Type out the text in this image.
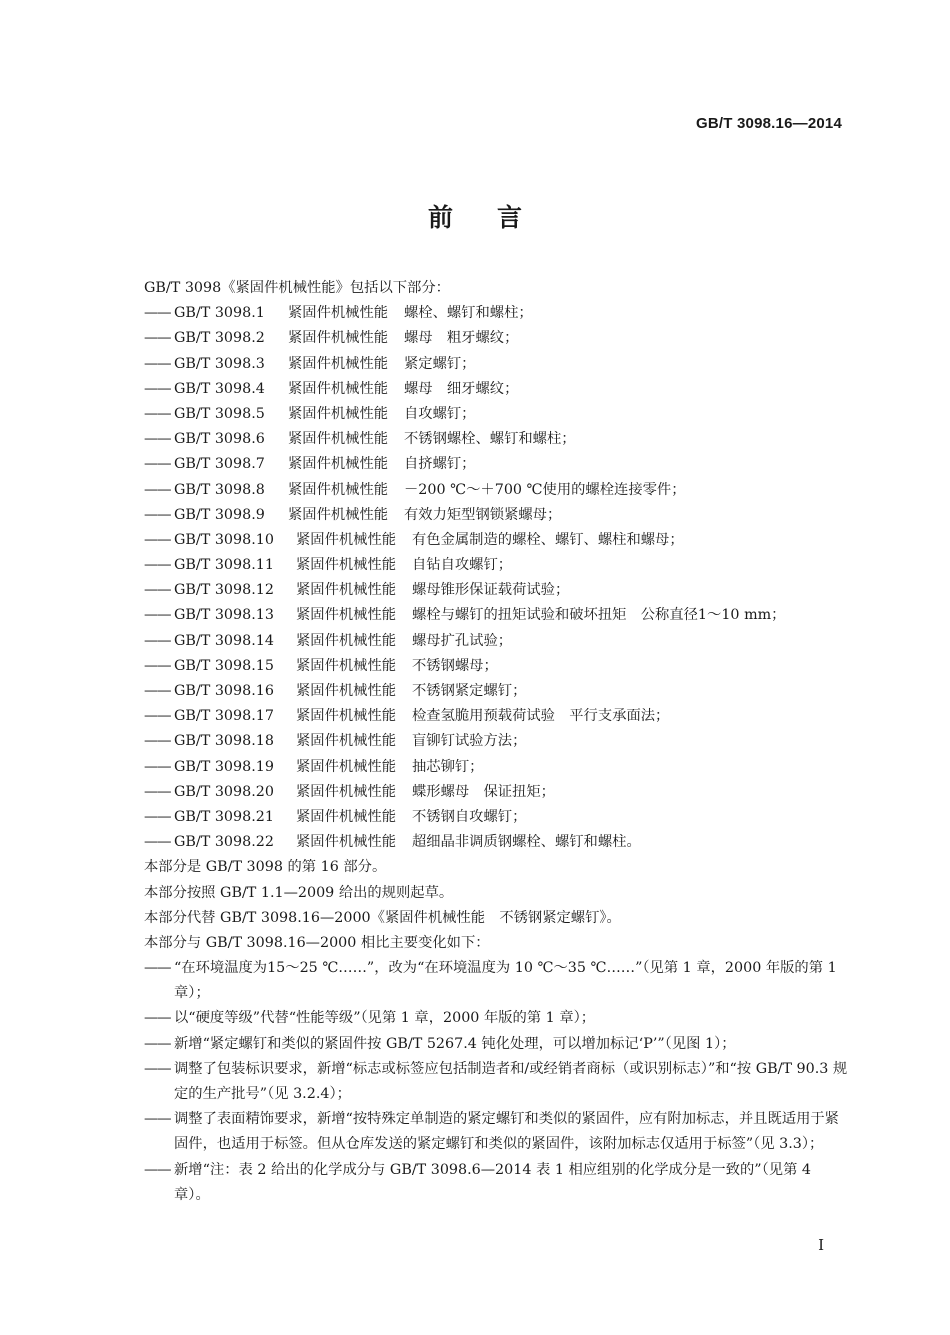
GB/T 3098.16—2014
前言
GB/T 3098《紧固件机械性能》包括以下部分：
—— GB/T 3098.1	紧固件机械性能	螺栓、螺钉和螺柱；
—— GB/T 3098.2	紧固件机械性能	螺母　粗牙螺纹；
—— GB/T 3098.3	紧固件机械性能	紧定螺钉；
—— GB/T 3098.4	紧固件机械性能	螺母　细牙螺纹；
—— GB/T 3098.5	紧固件机械性能	自攻螺钉；
—— GB/T 3098.6	紧固件机械性能	不锈钢螺栓、螺钉和螺柱；
—— GB/T 3098.7	紧固件机械性能	自挤螺钉；
—— GB/T 3098.8	紧固件机械性能	－200 ℃～＋700 ℃使用的螺栓连接零件；
—— GB/T 3098.9	紧固件机械性能	有效力矩型钢锁紧螺母；
—— GB/T 3098.10	紧固件机械性能	有色金属制造的螺栓、螺钉、螺柱和螺母；
—— GB/T 3098.11	紧固件机械性能	自钻自攻螺钉；
—— GB/T 3098.12	紧固件机械性能	螺母锥形保证载荷试验；
—— GB/T 3098.13	紧固件机械性能	螺栓与螺钉的扭矩试验和破坏扭矩　公称直径1～10 mm；
—— GB/T 3098.14	紧固件机械性能	螺母扩孔试验；
—— GB/T 3098.15	紧固件机械性能	不锈钢螺母；
—— GB/T 3098.16	紧固件机械性能	不锈钢紧定螺钉；
—— GB/T 3098.17	紧固件机械性能	检查氢脆用预载荷试验　平行支承面法；
—— GB/T 3098.18	紧固件机械性能	盲铆钉试验方法；
—— GB/T 3098.19	紧固件机械性能	抽芯铆钉；
—— GB/T 3098.20	紧固件机械性能	蝶形螺母　保证扭矩；
—— GB/T 3098.21	紧固件机械性能	不锈钢自攻螺钉；
—— GB/T 3098.22	紧固件机械性能	超细晶非调质钢螺栓、螺钉和螺柱。
本部分是 GB/T 3098 的第 16 部分。
本部分按照 GB/T 1.1—2009 给出的规则起草。
本部分代替 GB/T 3098.16—2000《紧固件机械性能　不锈钢紧定螺钉》。
本部分与 GB/T 3098.16—2000 相比主要变化如下：
—— “在环境温度为15～25 ℃……”，改为“在环境温度为 10 ℃～35 ℃……”（见第 1 章，2000 年版的第 1 章）；
—— 以“硬度等级”代替“性能等级”（见第 1 章，2000 年版的第 1 章）；
—— 新增“紧定螺钉和类似的紧固件按 GB/T 5267.4 钝化处理，可以增加标记‘P’”（见图 1）；
—— 调整了包装标识要求，新增“标志或标签应包括制造者和/或经销者商标（或识别标志）”和“按 GB/T 90.3 规定的生产批号”（见 3.2.4）；
—— 调整了表面精饰要求，新增“按特殊定单制造的紧定螺钉和类似的紧固件，应有附加标志，并且既适用于紧固件，也适用于标签。但从仓库发送的紧定螺钉和类似的紧固件，该附加标志仅适用于标签”（见 3.3）；
—— 新增“注：表 2 给出的化学成分与 GB/T 3098.6—2014 表 1 相应组别的化学成分是一致的”（见第 4 章）。
I
